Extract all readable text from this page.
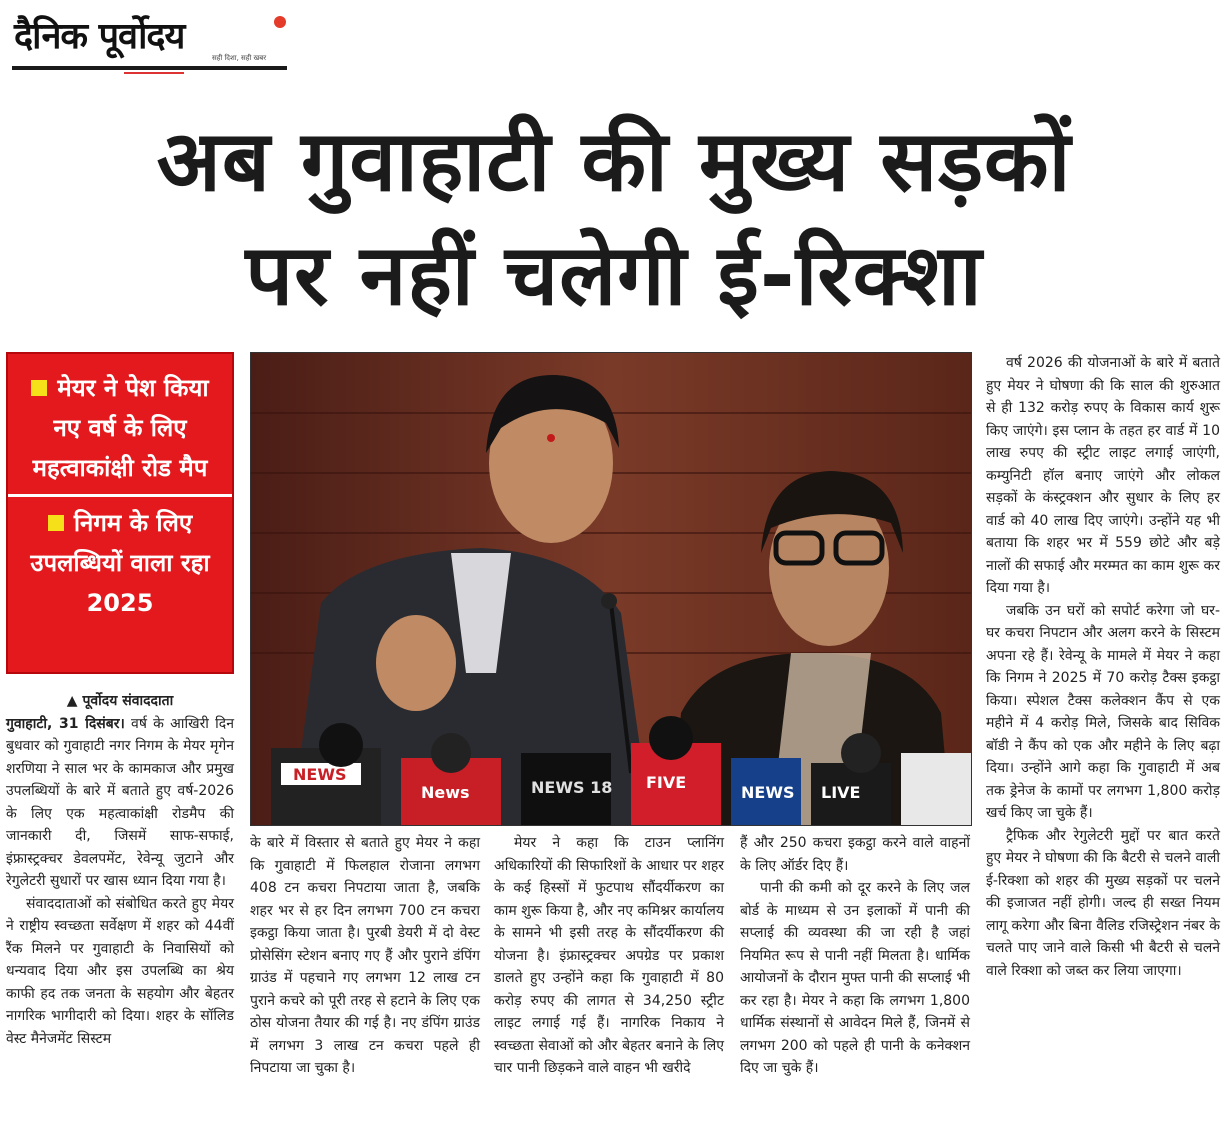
दैनिक पूर्वोदय
सही दिशा, सही खबर
अब गुवाहाटी की मुख्य सड़कों
पर नहीं चलेगी ई-रिक्शा
मेयर ने पेश किया नए वर्ष के लिए महत्वाकांक्षी रोड मैप
निगम के लिए उपलब्धियों वाला रहा 2025
NEWS
News	NEWS 18 FIVE
NEWS LIVE

▲ पूर्वोदय संवाददाता

गुवाहाटी, 31 दिसंबर। वर्ष के आखिरी दिन बुधवार को गुवाहाटी नगर निगम के मेयर मृगेन शरणिया ने साल भर के कामकाज और प्रमुख उपलब्धियों के बारे में बताते हुए वर्ष-2026 के लिए एक महत्वाकांक्षी रोडमैप की जानकारी दी, जिसमें साफ-सफाई, इंफ्रास्ट्रक्चर डेवलपमेंट, रेवेन्यू जुटाने और रेगुलेटरी सुधारों पर खास ध्यान दिया गया है।

संवाददाताओं को संबोधित करते हुए मेयर ने राष्ट्रीय स्वच्छता सर्वेक्षण में शहर को 44वीं रैंक मिलने पर गुवाहाटी के निवासियों को धन्यवाद दिया और इस उपलब्धि का श्रेय काफी हद तक जनता के सहयोग और बेहतर नागरिक भागीदारी को दिया। शहर के सॉलिड वेस्ट मैनेजमेंट सिस्टम

के बारे में विस्तार से बताते हुए मेयर ने कहा कि गुवाहाटी में फिलहाल रोजाना लगभग 408 टन कचरा निपटाया जाता है, जबकि शहर भर से हर दिन लगभग 700 टन कचरा इकट्ठा किया जाता है। पुरबी डेयरी में दो वेस्ट प्रोसेसिंग स्टेशन बनाए गए हैं और पुराने डंपिंग ग्राउंड में पहचाने गए लगभग 12 लाख टन पुराने कचरे को पूरी तरह से हटाने के लिए एक ठोस योजना तैयार की गई है। नए डंपिंग ग्राउंड में लगभग 3 लाख टन कचरा पहले ही निपटाया जा चुका है।

मेयर ने कहा कि टाउन प्लानिंग अधिकारियों की सिफारिशों के आधार पर शहर के कई हिस्सों में फुटपाथ सौंदर्यीकरण का काम शुरू किया है, और नए कमिश्नर कार्यालय के सामने भी इसी तरह के सौंदर्यीकरण की योजना है। इंफ्रास्ट्रक्चर अपग्रेड पर प्रकाश डालते हुए उन्होंने कहा कि गुवाहाटी में 80 करोड़ रुपए की लागत से 34,250 स्ट्रीट लाइट लगाई गई हैं। नागरिक निकाय ने स्वच्छता सेवाओं को और बेहतर बनाने के लिए चार पानी छिड़कने वाले वाहन भी खरीदे

हैं और 250 कचरा इकट्ठा करने वाले वाहनों के लिए ऑर्डर दिए हैं।

पानी की कमी को दूर करने के लिए जल बोर्ड के माध्यम से उन इलाकों में पानी की सप्लाई की व्यवस्था की जा रही है जहां नियमित रूप से पानी नहीं मिलता है। धार्मिक आयोजनों के दौरान मुफ्त पानी की सप्लाई भी कर रहा है। मेयर ने कहा कि लगभग 1,800 धार्मिक संस्थानों से आवेदन मिले हैं, जिनमें से लगभग 200 को पहले ही पानी के कनेक्शन दिए जा चुके हैं।

वर्ष 2026 की योजनाओं के बारे में बताते हुए मेयर ने घोषणा की कि साल की शुरुआत से ही 132 करोड़ रुपए के विकास कार्य शुरू किए जाएंगे। इस प्लान के तहत हर वार्ड में 10 लाख रुपए की स्ट्रीट लाइट लगाई जाएंगी, कम्युनिटी हॉल बनाए जाएंगे और लोकल सड़कों के कंस्ट्रक्शन और सुधार के लिए हर वार्ड को 40 लाख दिए जाएंगे। उन्होंने यह भी बताया कि शहर भर में 559 छोटे और बड़े नालों की सफाई और मरम्मत का काम शुरू कर दिया गया है।

जबकि उन घरों को सपोर्ट करेगा जो घर-घर कचरा निपटान और अलग करने के सिस्टम अपना रहे हैं। रेवेन्यू के मामले में मेयर ने कहा कि निगम ने 2025 में 70 करोड़ टैक्स इकट्ठा किया। स्पेशल टैक्स कलेक्शन कैंप से एक महीने में 4 करोड़ मिले, जिसके बाद सिविक बॉडी ने कैंप को एक और महीने के लिए बढ़ा दिया। उन्होंने आगे कहा कि गुवाहाटी में अब तक ड्रेनेज के कामों पर लगभग 1,800 करोड़ खर्च किए जा चुके हैं।

ट्रैफिक और रेगुलेटरी मुद्दों पर बात करते हुए मेयर ने घोषणा की कि बैटरी से चलने वाली ई-रिक्शा को शहर की मुख्य सड़कों पर चलने की इजाजत नहीं होगी। जल्द ही सख्त नियम लागू करेगा और बिना वैलिड रजिस्ट्रेशन नंबर के चलते पाए जाने वाले किसी भी बैटरी से चलने वाले रिक्शा को जब्त कर लिया जाएगा।
